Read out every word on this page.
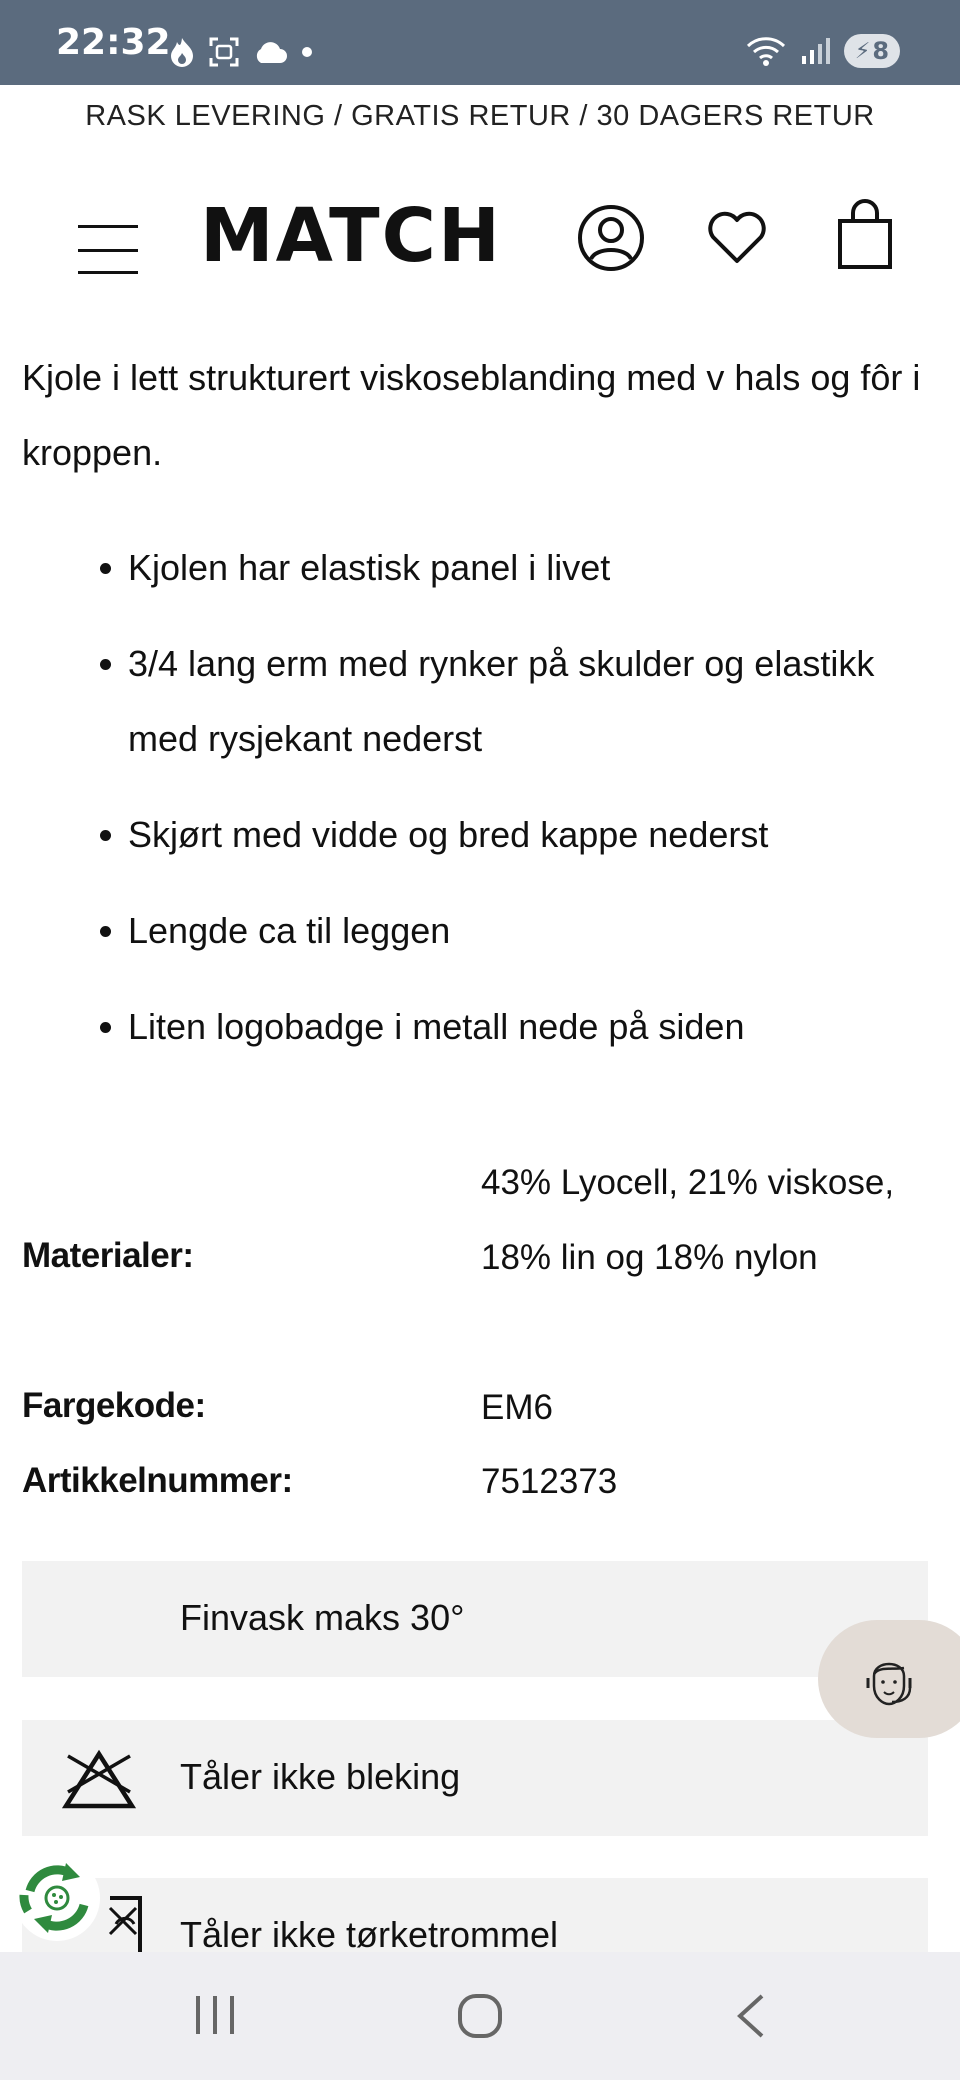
22:32	⚡ 8
RASK LEVERING / GRATIS RETUR / 30 DAGERS RETUR
MATCH
Kjole i lett strukturert viskoseblanding med v hals og fôr i kroppen.
Kjolen har elastisk panel i livet
3/4 lang erm med rynker på skulder og elastikk med rysjekant nederst
Skjørt med vidde og bred kappe nederst
Lengde ca til leggen
Liten logobadge i metall nede på siden
Materialer:
43% Lyocell, 21% viskose, 18% lin og 18% nylon
Fargekode:	EM6
Artikkelnummer:	7512373
Finvask maks 30°
Tåler ikke bleking
Tåler ikke tørketrommel
